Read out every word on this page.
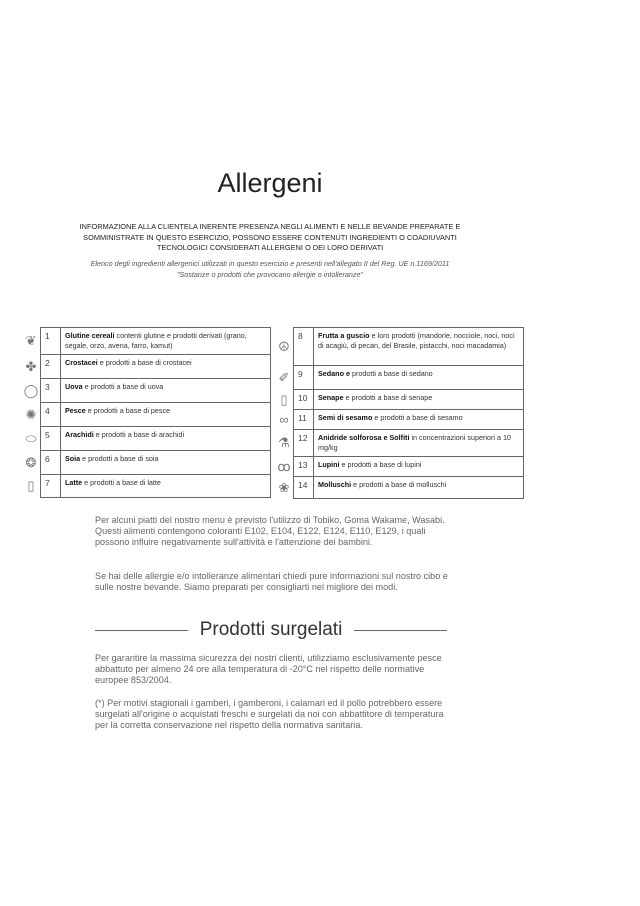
Allergeni
INFORMAZIONE ALLA CLIENTELA INERENTE PRESENZA NEGLI ALIMENTI E NELLE BEVANDE PREPARATE E SOMMINISTRATE IN QUESTO ESERCIZIO, POSSONO ESSERE CONTENUTI INGREDIENTI O COADIUVANTI TECNOLOGICI CONSIDERATI ALLERGENI O DEI LORO DERIVATI
Elenco degli ingredienti allergenici utilizzati in questo esercizio e presenti nell'allegato II del Reg. UE n.1169/2011
"Sostanze o prodotti che provocano allergie o intolleranze"
❦	1	Glutine cereali contenti glutine e prodotti derivati (grano, segale, orzo, avena, farro, kamut)
✤	2	Crostacei e prodotti a base di crostacei
◯	3	Uova e prodotti a base di uova
✺	4	Pesce e prodotti a base di pesce
⬭	5	Arachidi e prodotti a base di arachidi
❂	6	Soia e prodotti a base di soia
▯	7	Latte e prodotti a base di latte
☮	8	Frutta a guscio e loro prodotti (mandorle, nocciole, noci, noci di acagiù, di pecan, del Brasile, pistacchi, noci macadamia)
✐	9	Sedano e prodotti a base di sedano
▯	10	Senape e prodotti a base di senape
∞	11	Semi di sesamo e prodotti a base di sesamo
⚗	12	Anidride solforosa e Solfiti in concentrazioni superiori a 10 mg/kg
ꝏ	13	Lupini e prodotti a base di lupini
❀	14	Molluschi e prodotti a base di molluschi
Per alcuni piatti del nostro menu è previsto l'utilizzo di Tobiko, Goma Wakame, Wasabi. Questi alimenti contengono coloranti E102, E104, E122, E124, E110, E129, i quali possono influire negativamente sull'attività e l'attenzione dei bambini.
Se hai delle allergie e/o intolleranze alimentari chiedi pure informazioni sul nostro cibo e sulle nostre bevande. Siamo preparati per consigliarti nel migliore dei modi.
Prodotti surgelati
Per garantire la massima sicurezza dei nostri clienti, utilizziamo esclusivamente pesce abbattuto per almeno 24 ore alla temperatura di -20°C nel rispetto delle normative europee 853/2004.
(*) Per motivi stagionali i gamberi, i gamberoni, i calamari ed il pollo potrebbero essere surgelati all'origine o acquistati freschi e surgelati da noi con abbattitore di temperatura per la corretta conservazione nel rispetto della normativa sanitaria.
